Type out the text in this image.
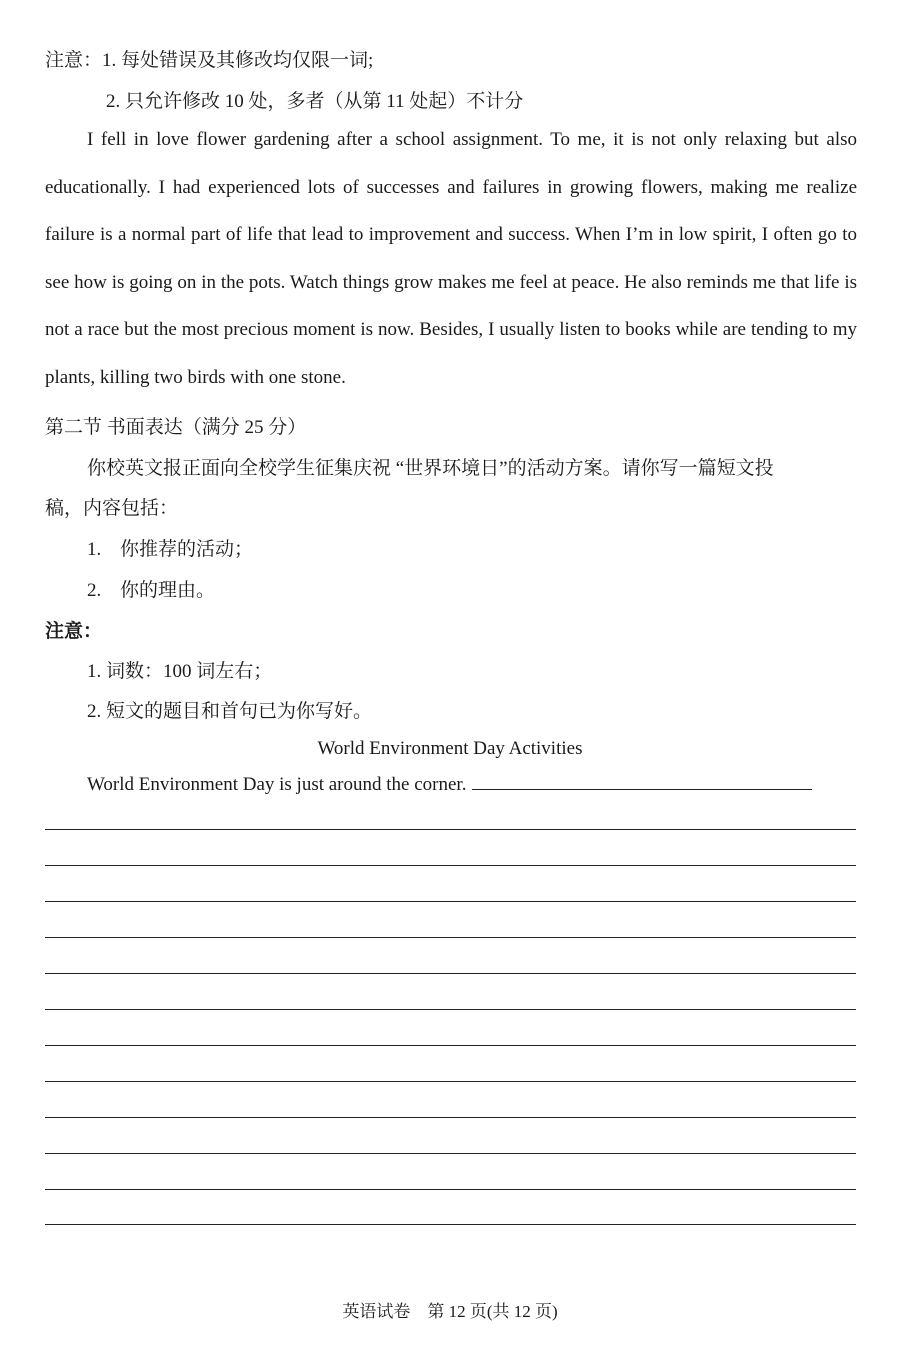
注意：1. 每处错误及其修改均仅限一词;
2. 只允许修改 10 处，多者（从第 11 处起）不计分

I fell in love flower gardening after a school assignment. To me, it is not only relaxing but also educationally. I had experienced lots of successes and failures in growing flowers, making me realize failure is a normal part of life that lead to improvement and success. When I’m in low spirit, I often go to see how is going on in the pots. Watch things grow makes me feel at peace. He also reminds me that life is not a race but the most precious moment is now. Besides, I usually listen to books while are tending to my plants, killing two birds with one stone.

第二节 书面表达（满分 25 分）
你校英文报正面向全校学生征集庆祝 “世界环境日”的活动方案。请你写一篇短文投
稿，内容包括：
1. 你推荐的活动；
2. 你的理由。
注意：
1. 词数：100 词左右；
2. 短文的题目和首句已为你写好。
World Environment Day Activities
World Environment Day is just around the corner.
英语试卷　第 12 页(共 12 页)
